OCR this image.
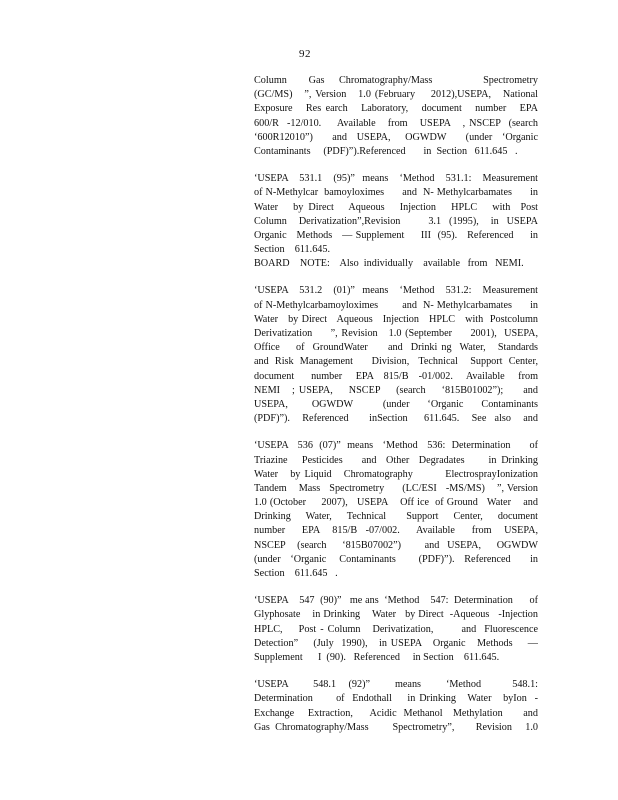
92
Column   Gas  Chromatography/Mass       Spectrometry
(GC/MS)   ”, Version   1.0 (February    2012),USEPA,   National
Exposure   Res earch   Laboratory,   document   number   EPA
600/R  -12/010.    Available   from   USEPA   , NSCEP  (search
‘600R12010”)    and  USEPA,   OGWDW    (under  ‘Organic
Contaminants     (PDF)”).Referenced       in  Section   611.645   .
‘USEPA   531.1   (95)”  means   ‘Method   531.1:   Measurement
of N-Methylcar  bamoyloximes      and  N- Methylcarbamates      in
Water   by Direct   Aqueous   Injection   HPLC   with  Post
Column   Derivatization”,Revision       3.1  (1995),   in  USEPA
Organic   Methods   — Supplement     III  (95).   Referenced     in
Section    611.645.
BOARD    NOTE:    Also  individually    available   from   NEMI.
‘USEPA   531.2   (01)”  means   ‘Method   531.2:   Measurement
of N-Methylcarbamoyloximes        and  N- Methylcarbamates      in
Water   by Direct   Aqueous   Injection   HPLC   with  Postcolumn
Derivatization     ”, Revision   1.0 (September     2001),  USEPA,
Office    of  GroundWater     and  Drinki ng  Water,   Standards
and  Risk  Management      Division,   Technical    Support  Center,
document     number    EPA   815/B   -01/002.    Available    from
NEMI   ; USEPA,    NSCEP    (search    ‘815B01002”);     and
USEPA,    OGWDW     (under   ‘Organic   Contaminants
(PDF)”).   Referenced     inSection    611.645.   See  also   and
‘USEPA   536  (07)”  means   ‘Method   536:  Determination      of
Triazine   Pesticides    and  Other  Degradates     in Drinking
Water   by Liquid   Chromatography        ElectrosprayIonization
Tandem    Mass   Spectrometry      (LC/ESI   -MS/MS)    ”, Version
1.0 (October     2007),   USEPA    Off ice  of Ground   Water    and
Drinking   Water,   Technical    Support   Center,   document
number    EPA   815/B  -07/002.    Available    from   USEPA,
NSCEP   (search    ‘815B07002”)      and  USEPA,    OGWDW
(under   ‘Organic    Contaminants       (PDF)”).   Referenced      in
Section    611.645   .
‘USEPA    547  (90)”   me ans  ‘Method    547:  Determination      of
Glyphosate    in Drinking    Water   by Direct  -Aqueous   -Injection
HPLC,    Post - Column   Derivatization,       and  Fluorescence
Detection”    (July  1990),   in USEPA   Organic   Methods    —
Supplement      I  (90).   Referenced     in Section    611.645.
‘USEPA    548.1  (92)”    means    ‘Method     548.1:
Determination      of  Endothall    in Drinking   Water   byIon  -
Exchange    Extraction,     Acidic  Methanol   Methylation      and
Gas  Chromatography/Mass         Spectrometry”,        Revision     1.0
